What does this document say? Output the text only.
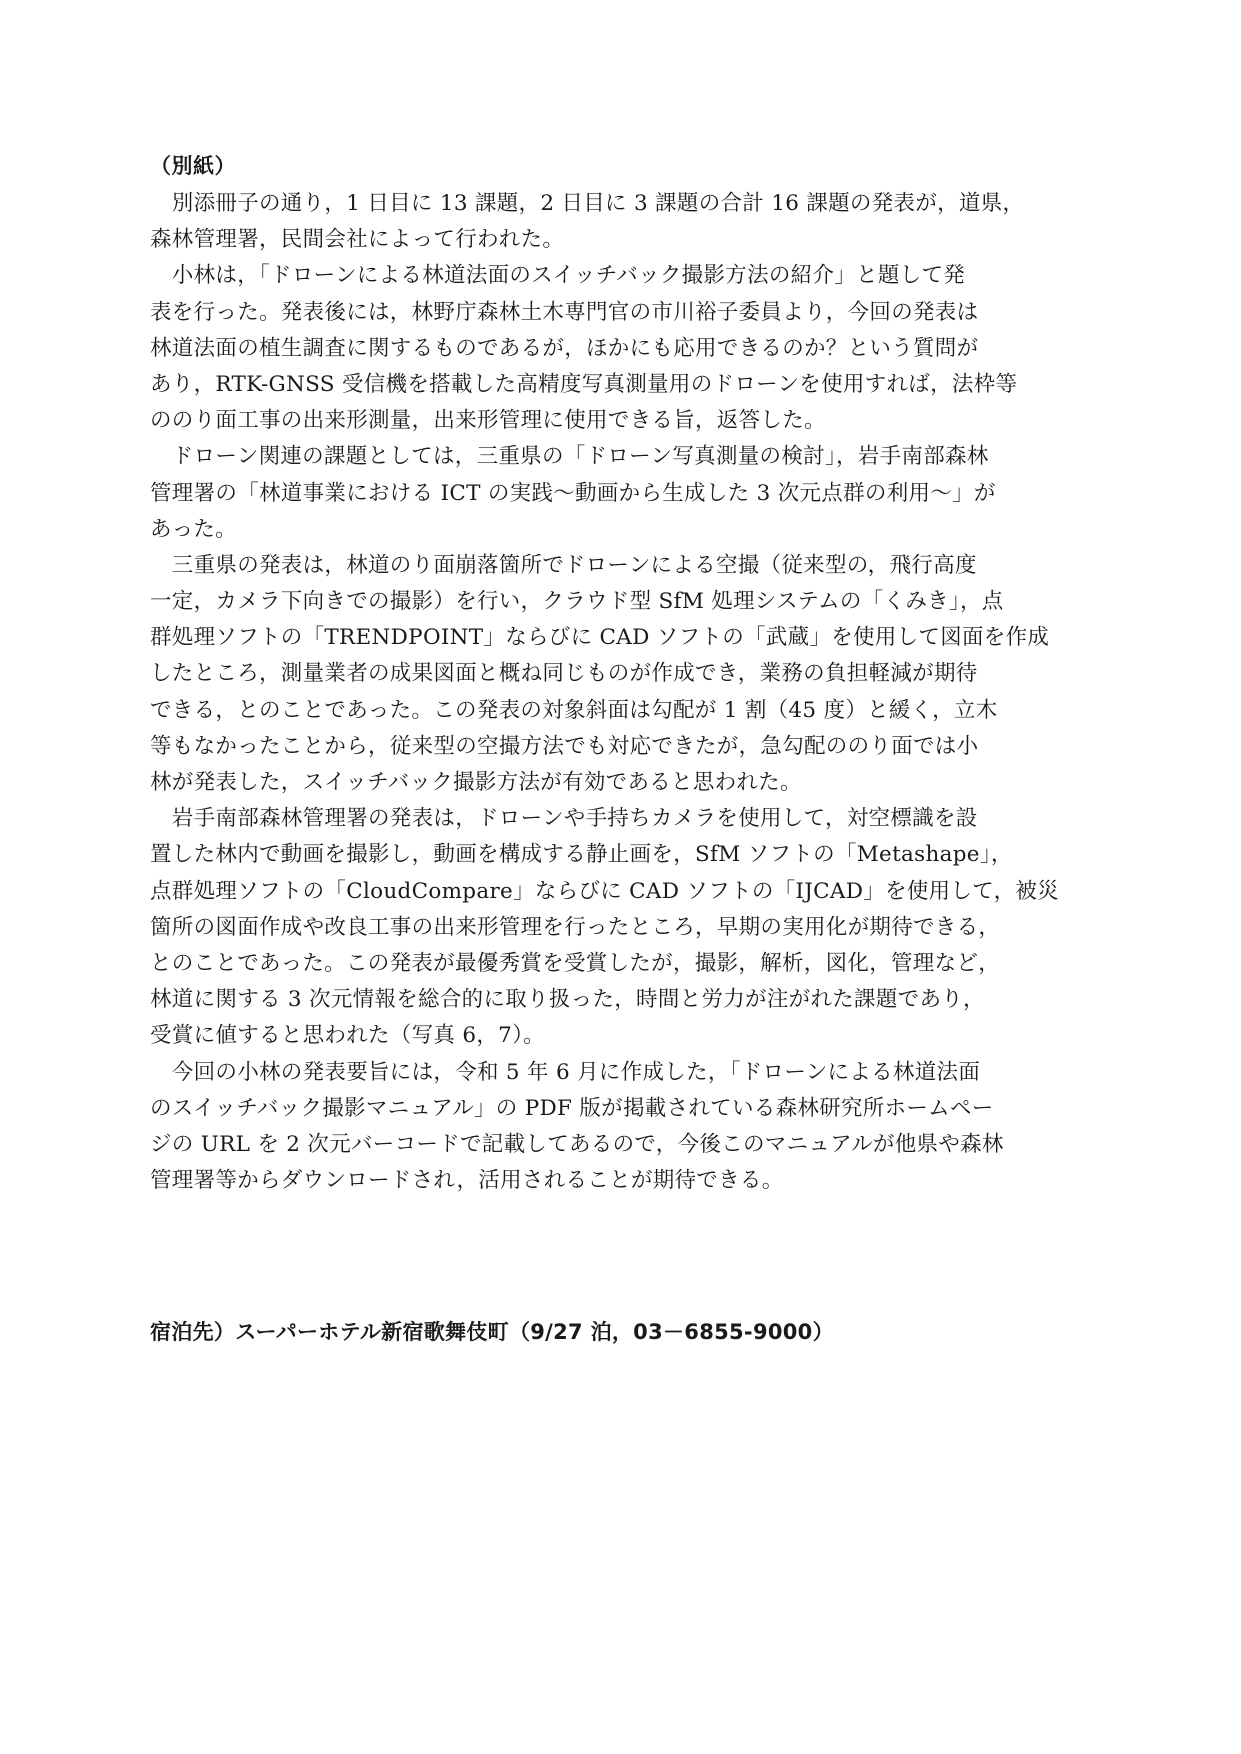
（別紙）
　別添冊子の通り，1 日目に 13 課題，2 日目に 3 課題の合計 16 課題の発表が，道県，
森林管理署，民間会社によって行われた。
　小林は，「ドローンによる林道法面のスイッチバック撮影方法の紹介」と題して発
表を行った。発表後には，林野庁森林土木専門官の市川裕子委員より，今回の発表は
林道法面の植生調査に関するものであるが，ほかにも応用できるのか？という質問が
あり，RTK-GNSS 受信機を搭載した高精度写真測量用のドローンを使用すれば，法枠等
ののり面工事の出来形測量，出来形管理に使用できる旨，返答した。
　ドローン関連の課題としては，三重県の「ドローン写真測量の検討」，岩手南部森林
管理署の「林道事業における ICT の実践～動画から生成した 3 次元点群の利用～」が
あった。
　三重県の発表は，林道のり面崩落箇所でドローンによる空撮（従来型の，飛行高度
一定，カメラ下向きでの撮影）を行い，クラウド型 SfM 処理システムの「くみき」，点
群処理ソフトの「TRENDPOINT」ならびに CAD ソフトの「武蔵」を使用して図面を作成
したところ，測量業者の成果図面と概ね同じものが作成でき，業務の負担軽減が期待
できる，とのことであった。この発表の対象斜面は勾配が 1 割（45 度）と緩く，立木
等もなかったことから，従来型の空撮方法でも対応できたが，急勾配ののり面では小
林が発表した，スイッチバック撮影方法が有効であると思われた。
　岩手南部森林管理署の発表は，ドローンや手持ちカメラを使用して，対空標識を設
置した林内で動画を撮影し，動画を構成する静止画を，SfM ソフトの「Metashape」，
点群処理ソフトの「CloudCompare」ならびに CAD ソフトの「IJCAD」を使用して，被災
箇所の図面作成や改良工事の出来形管理を行ったところ，早期の実用化が期待できる，
とのことであった。この発表が最優秀賞を受賞したが，撮影，解析，図化，管理など，
林道に関する 3 次元情報を総合的に取り扱った，時間と労力が注がれた課題であり，
受賞に値すると思われた（写真 6，7）。
　今回の小林の発表要旨には，令和 5 年 6 月に作成した，「ドローンによる林道法面
のスイッチバック撮影マニュアル」の PDF 版が掲載されている森林研究所ホームペー
ジの URL を 2 次元バーコードで記載してあるので，今後このマニュアルが他県や森林
管理署等からダウンロードされ，活用されることが期待できる。
宿泊先）スーパーホテル新宿歌舞伎町（9/27 泊，03－6855-9000）
